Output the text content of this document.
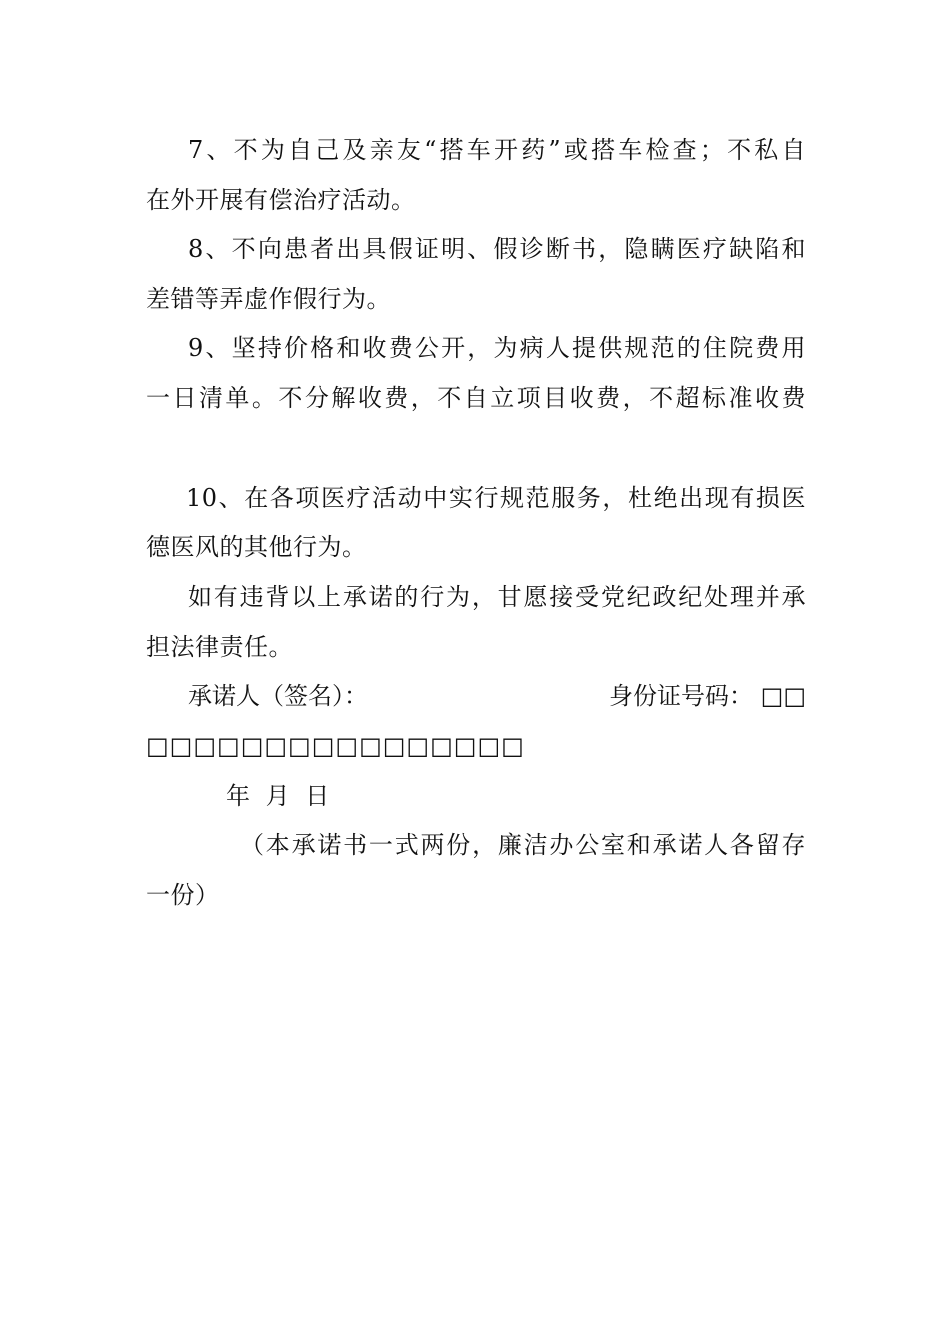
7、不为自己及亲友“搭车开药”或搭车检查；不私自
在外开展有偿治疗活动。
8、不向患者出具假证明、假诊断书，隐瞒医疗缺陷和
差错等弄虚作假行为。
9、坚持价格和收费公开，为病人提供规范的住院费用
一日清单。不分解收费，不自立项目收费，不超标准收费
10、在各项医疗活动中实行规范服务，杜绝出现有损医
德医风的其他行为。
如有违背以上承诺的行为，甘愿接受党纪政纪处理并承
担法律责任。
承诺人（签名）：	身份证号码： □□
□□□□□□□□□□□□□□□□
年 月 日
（本承诺书一式两份，廉洁办公室和承诺人各留存
一份）
